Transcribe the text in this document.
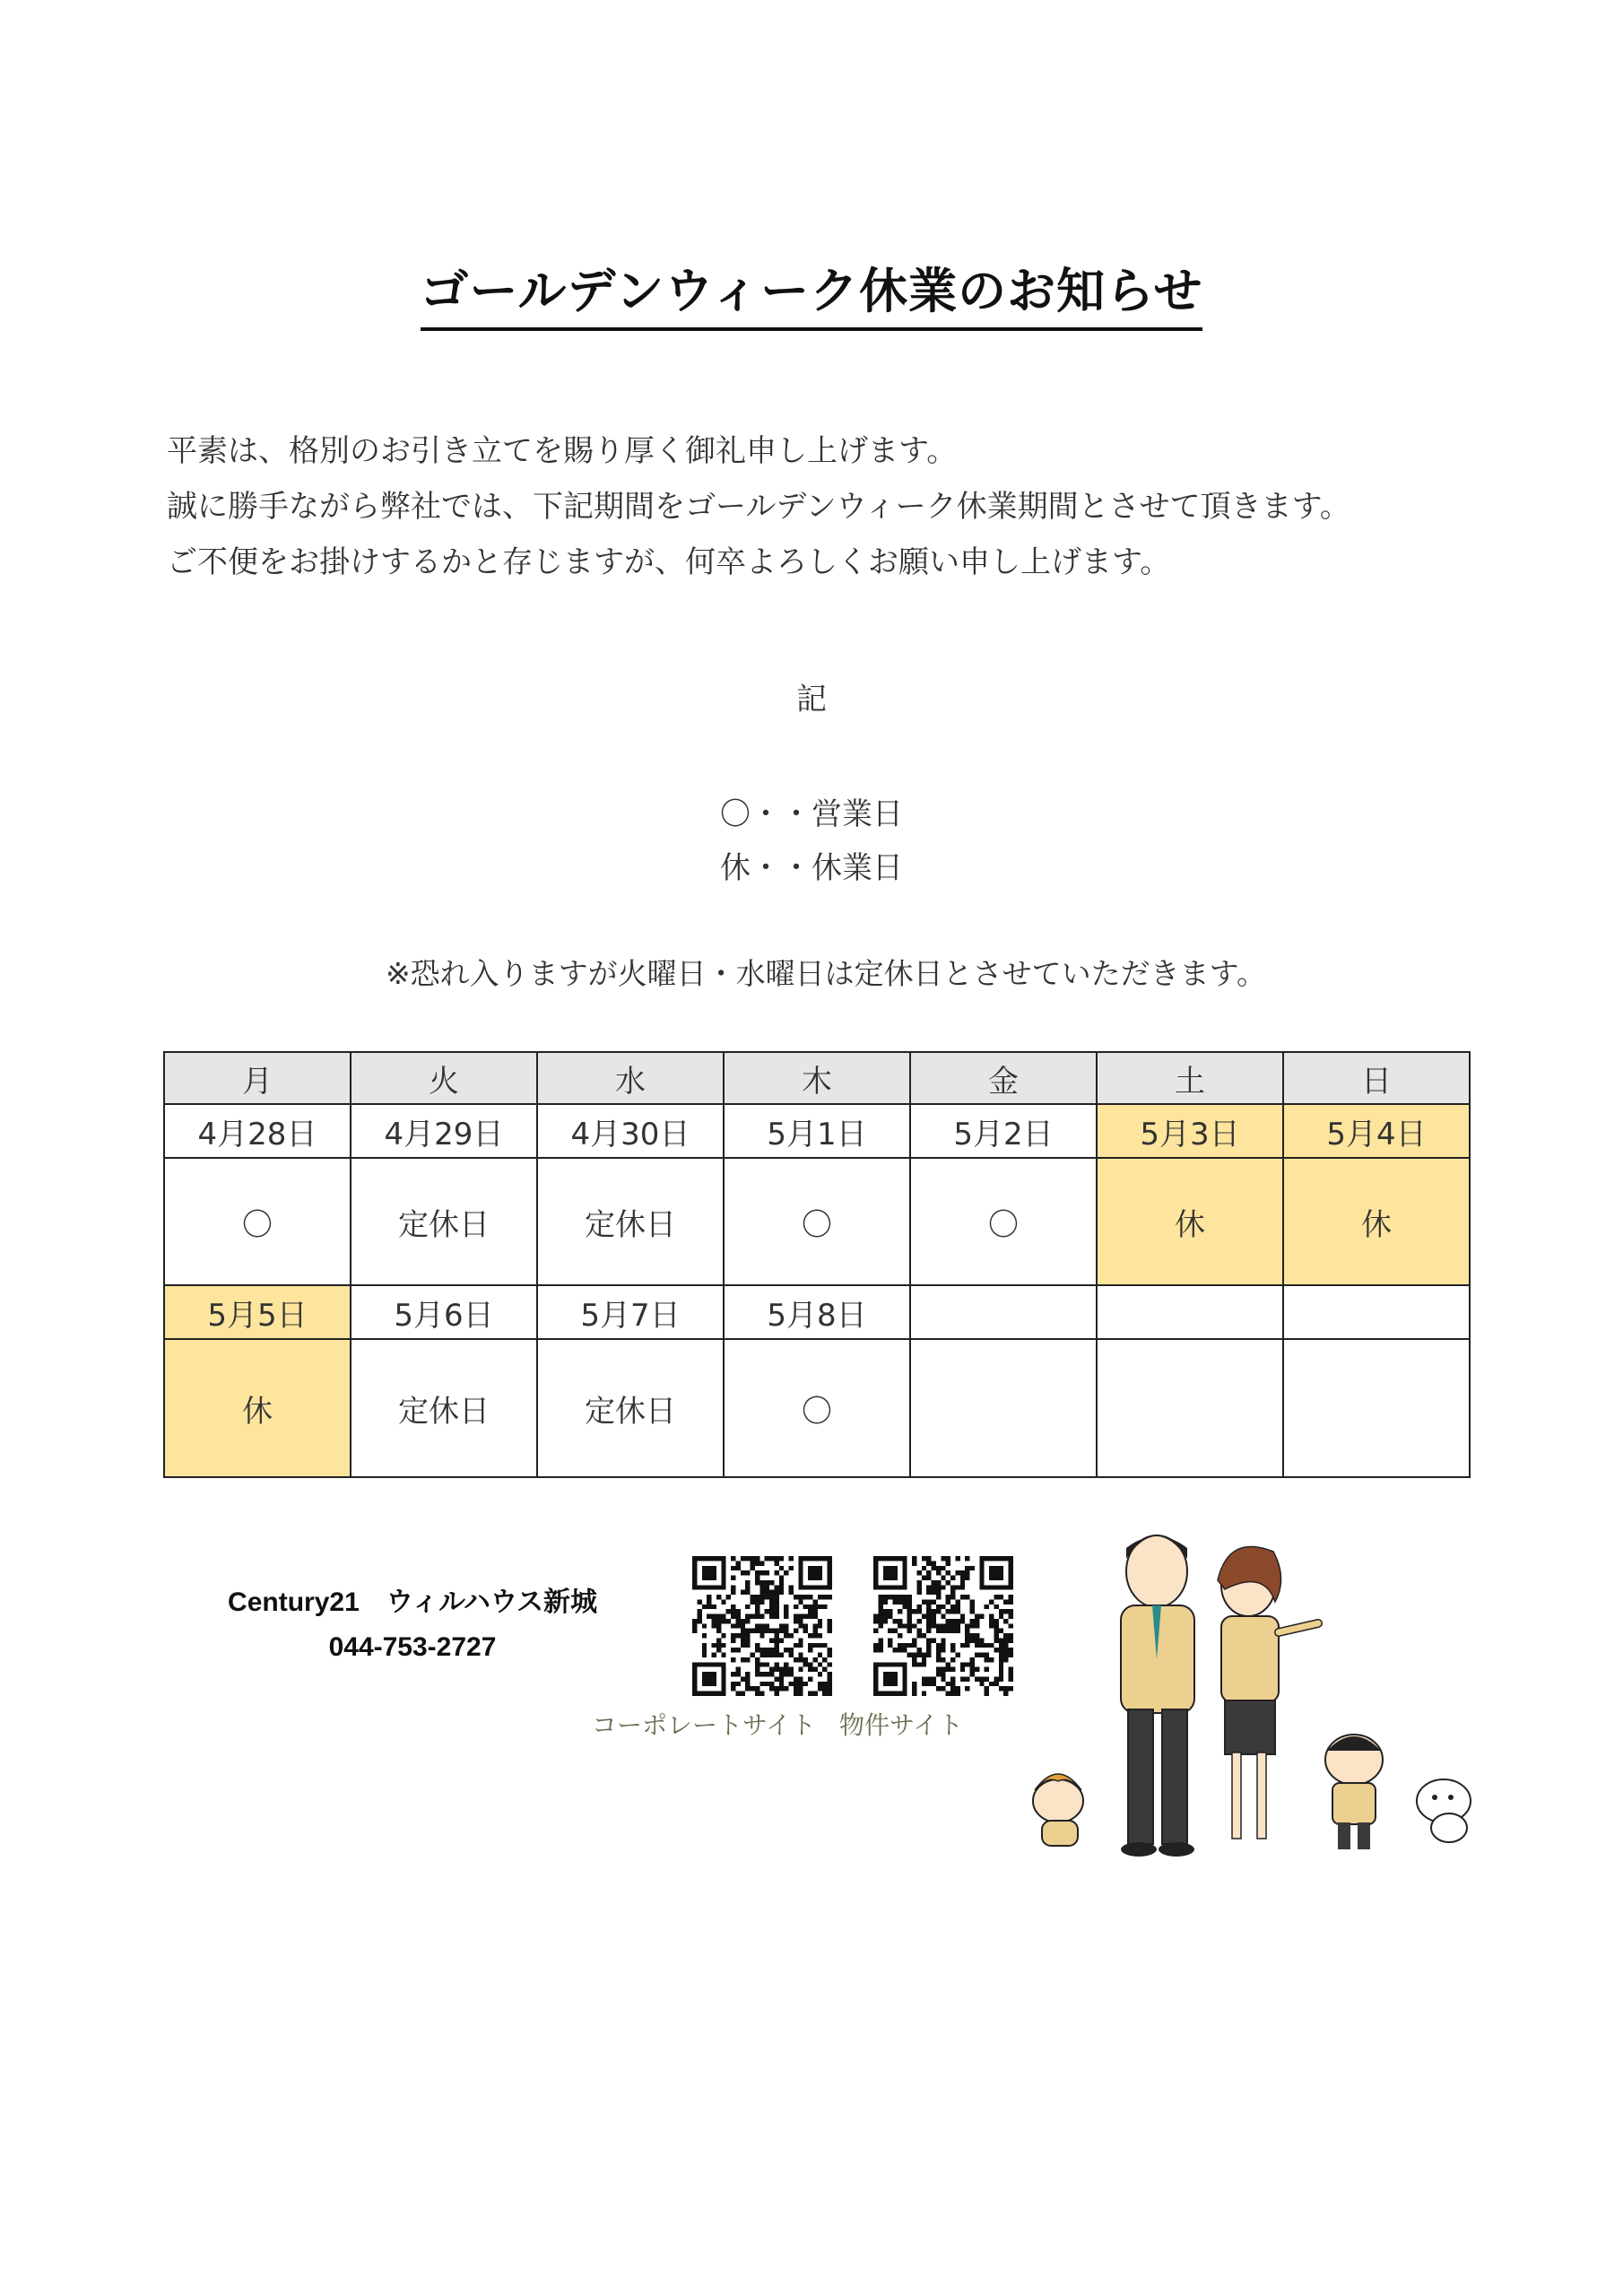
ゴールデンウィーク休業のお知らせ

平素は、格別のお引き立てを賜り厚く御礼申し上げます。

誠に勝手ながら弊社では、下記期間をゴールデンウィーク休業期間とさせて頂きます。

ご不便をお掛けするかと存じますが、何卒よろしくお願い申し上げます。

記
〇・・営業日
休・・休業日
※恐れ入りますが火曜日・水曜日は定休日とさせていただきます。
月	火	水	木	金	土	日
4月28日	4月29日	4月30日	5月1日	5月2日	5月3日	5月4日
〇	定休日	定休日	〇	〇	休	休
5月5日	5月6日	5月7日	5月8日			
休	定休日	定休日	〇			
Century21　ウィルハウス新城
044-753-2727
コーポレートサイト 物件サイト
